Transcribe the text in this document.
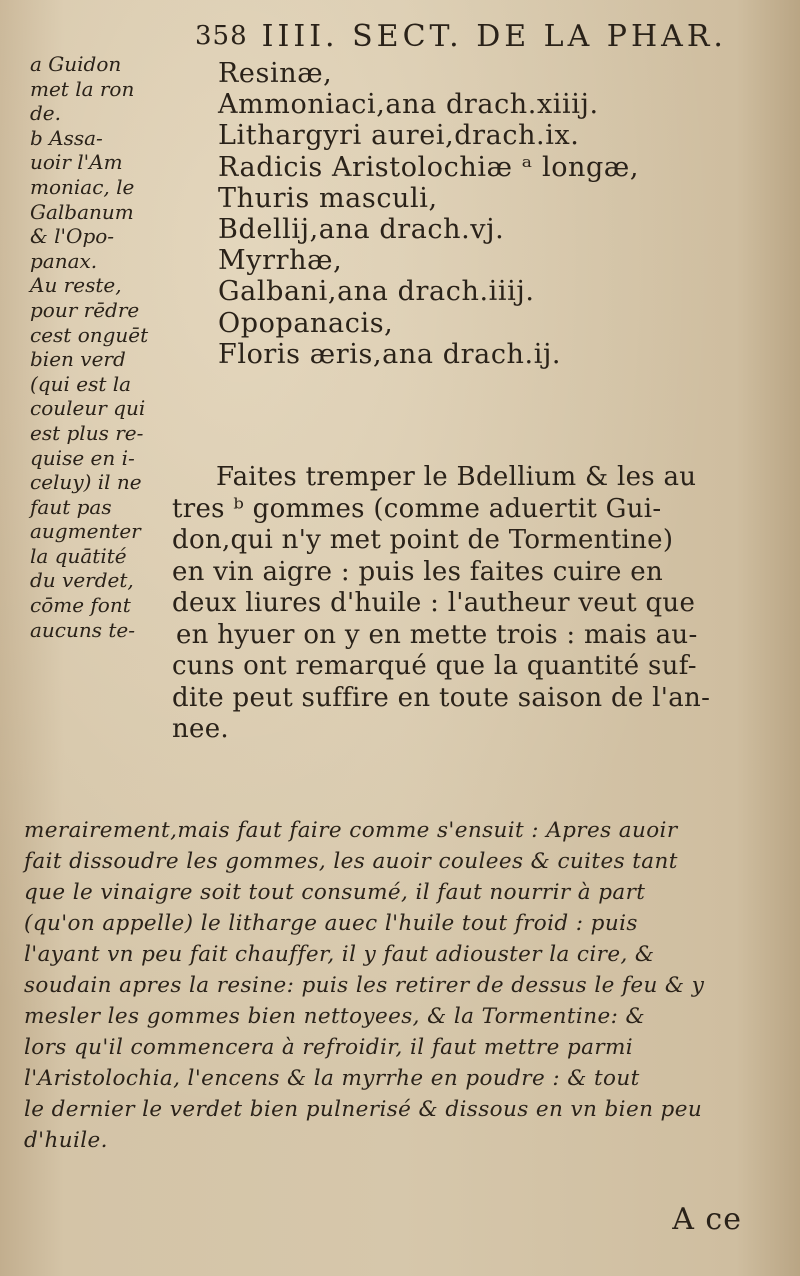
358 IIII. SECT. DE LA PHAR.
a Guidon
met la ron
de.
b Assa-
uoir l'Am
moniac, le
Galbanum
& l'Opo-
panax.
Au reste,
pour rēdre
cest onguēt
bien verd
(qui est la
couleur qui
est plus re-
quise en i-
celuy) il ne
faut pas
augmenter
la quātité
du verdet,
cōme font
aucuns te-
Resinæ,
Ammoniaci,ana drach.xiiij.
Lithargyri aurei,drach.ix.
Radicis Aristolochiæ ᵃ longæ,
Thuris masculi,
Bdellij,ana drach.vj.
Myrrhæ,
Galbani,ana drach.iiij.
Opopanacis,
Floris æris,ana drach.ij.
Faites tremper le Bdellium & les au
tres ᵇ gommes (comme aduertit Gui-
don,qui n'y met point de Tormentine)
en vin aigre : puis les faites cuire en
deux liures d'huile : l'autheur veut que
en hyuer on y en mette trois : mais au-
cuns ont remarqué que la quantité suf-
dite peut suffire en toute saison de l'an-
nee.
merairement,mais faut faire comme s'ensuit : Apres auoir
fait dissoudre les gommes, les auoir coulees & cuites tant
que le vinaigre soit tout consumé, il faut nourrir à part
(qu'on appelle) le litharge auec l'huile tout froid : puis
l'ayant vn peu fait chauffer, il y faut adiouster la cire, &
soudain apres la resine: puis les retirer de dessus le feu & y
mesler les gommes bien nettoyees, & la Tormentine: &
lors qu'il commencera à refroidir, il faut mettre parmi
l'Aristolochia, l'encens & la myrrhe en poudre : & tout
le dernier le verdet bien pulnerisé & dissous en vn bien peu
d'huile.
A ce
